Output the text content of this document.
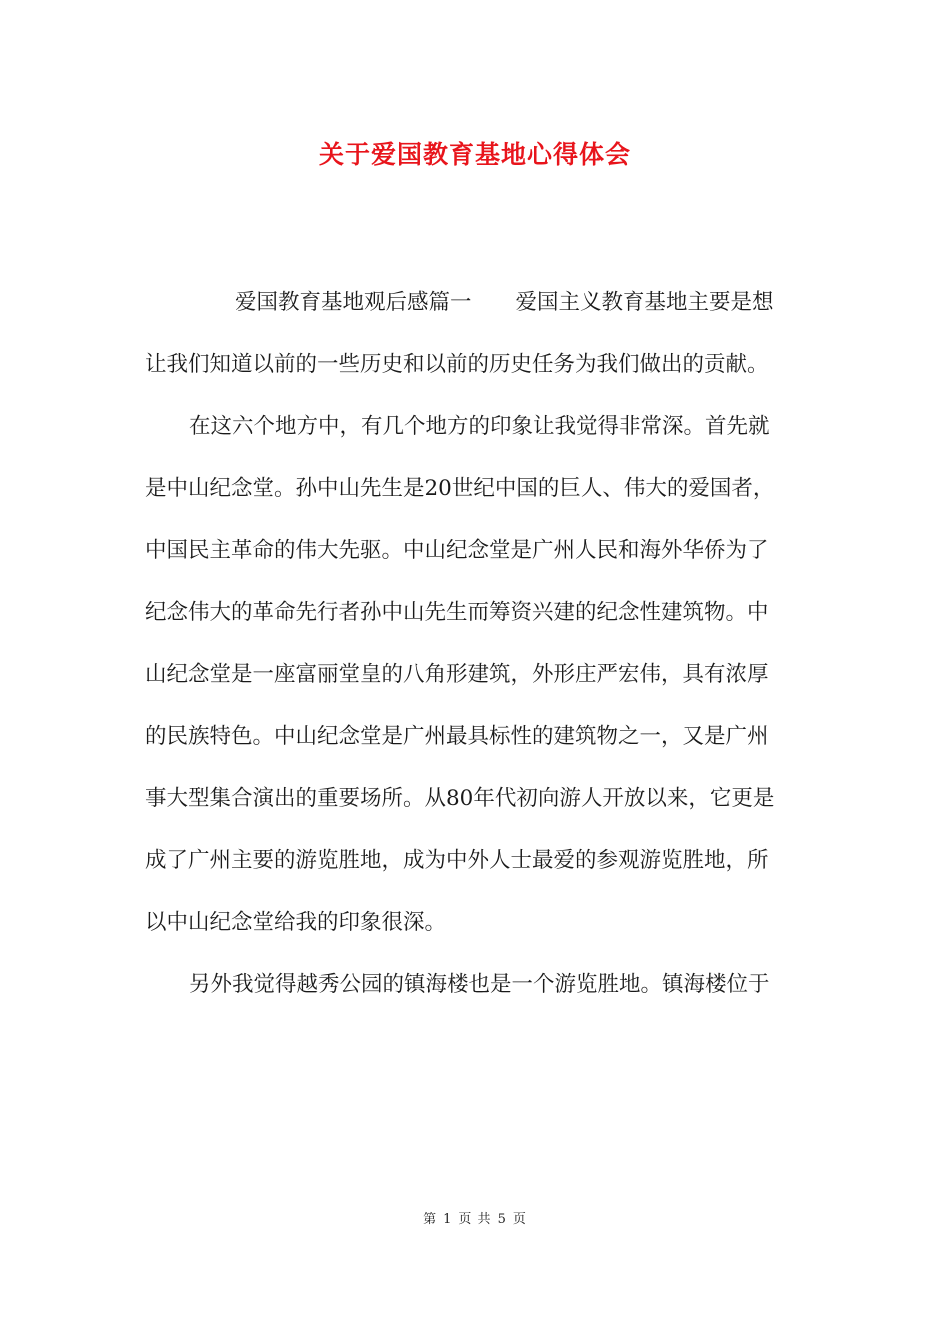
关于爱国教育基地心得体会

爱国教育基地观后感篇一 爱国主义教育基地主要是想
让我们知道以前的一些历史和以前的历史任务为我们做出的贡献。

在这六个地方中，有几个地方的印象让我觉得非常深。首先就
是中山纪念堂。孙中山先生是20世纪中国的巨人、伟大的爱国者，
中国民主革命的伟大先驱。中山纪念堂是广州人民和海外华侨为了
纪念伟大的革命先行者孙中山先生而筹资兴建的纪念性建筑物。中
山纪念堂是一座富丽堂皇的八角形建筑，外形庄严宏伟，具有浓厚
的民族特色。中山纪念堂是广州最具标性的建筑物之一，又是广州
事大型集合演出的重要场所。从80年代初向游人开放以来，它更是
成了广州主要的游览胜地，成为中外人士最爱的参观游览胜地，所
以中山纪念堂给我的印象很深。

另外我觉得越秀公园的镇海楼也是一个游览胜地。镇海楼位于

第 1 页 共 5 页
